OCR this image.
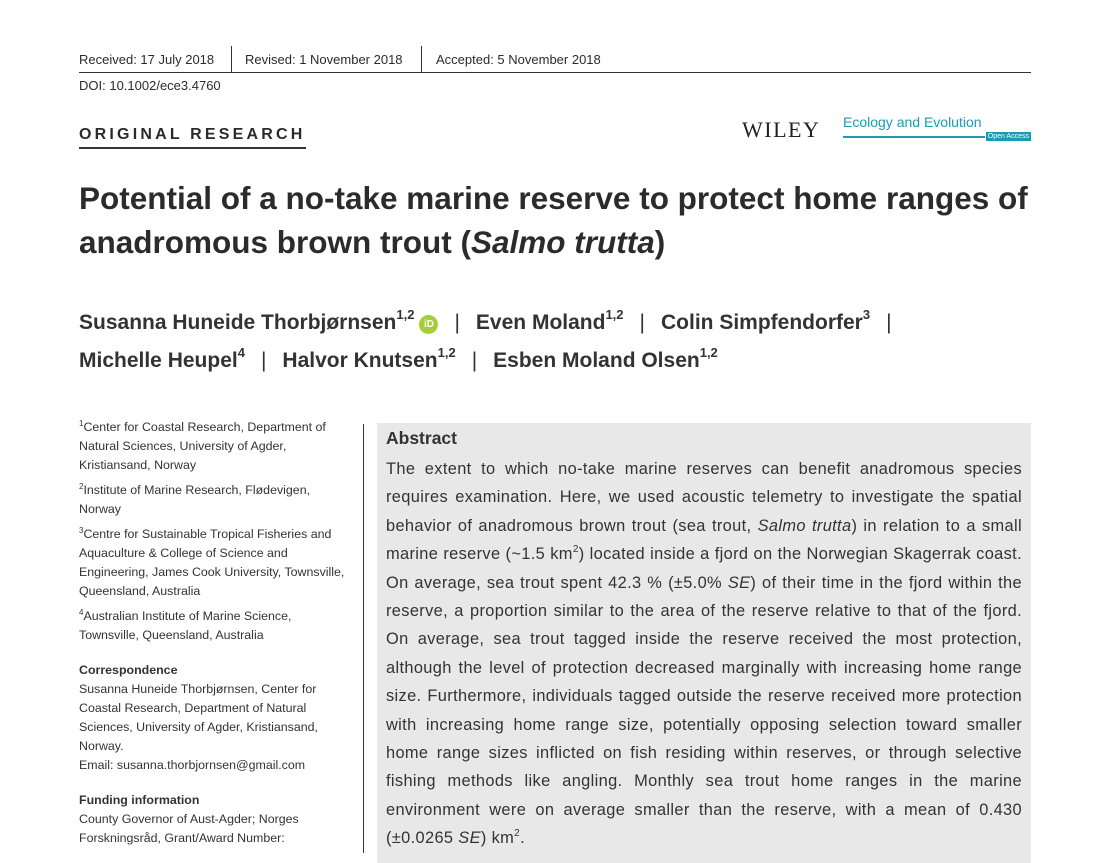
Received: 17 July 2018 Revised: 1 November 2018	Accepted: 5 November 2018
DOI: 10.1002/ece3.4760
ORIGINAL RESEARCH	WILEY Ecology and Evolution
Open Access
Potential of a no-take marine reserve to protect home ranges of anadromous brown trout (Salmo trutta)
Susanna Huneide Thorbjørnsen$^{1,2}$iD | Even Moland$^{1,2}$ | Colin Simpfendorfer$^3$ |
Michelle Heupel$^4$ | Halvor Knutsen$^{1,2}$ | Esben Moland Olsen$^{1,2}$

$^1$Center for Coastal Research, Department of Natural Sciences, University of Agder, Kristiansand, Norway

$^2$Institute of Marine Research, Flødevigen, Norway

$^3$Centre for Sustainable Tropical Fisheries and Aquaculture & College of Science and Engineering, James Cook University, Townsville, Queensland, Australia

$^4$Australian Institute of Marine Science, Townsville, Queensland, Australia

Correspondence

Susanna Huneide Thorbjørnsen, Center for Coastal Research, Department of Natural Sciences, University of Agder, Kristiansand, Norway.

Email: susanna.thorbjornsen@gmail.com

Funding information

County Governor of Aust-Agder; Norges Forskningsråd, Grant/Award Number:

Abstract

The extent to which no-take marine reserves can benefit anadromous species requires examination. Here, we used acoustic telemetry to investigate the spatial behavior of anadromous brown trout (sea trout, Salmo trutta) in relation to a small marine reserve (~1.5 $km^2$) located inside a fjord on the Norwegian Skagerrak coast. On average, sea trout spent 42.3 % (±5.0% SE) of their time in the fjord within the reserve, a proportion similar to the area of the reserve relative to that of the fjord. On average, sea trout tagged inside the reserve received the most protection, although the level of protection decreased marginally with increasing home range size. Furthermore, individuals tagged outside the reserve received more protection with increasing home range size, potentially opposing selection toward smaller home range sizes inflicted on fish residing within reserves, or through selective fishing methods like angling. Monthly sea trout home ranges in the marine environment were on average smaller than the reserve, with a mean of 0.430 (±0.0265 SE) $km^2$.
